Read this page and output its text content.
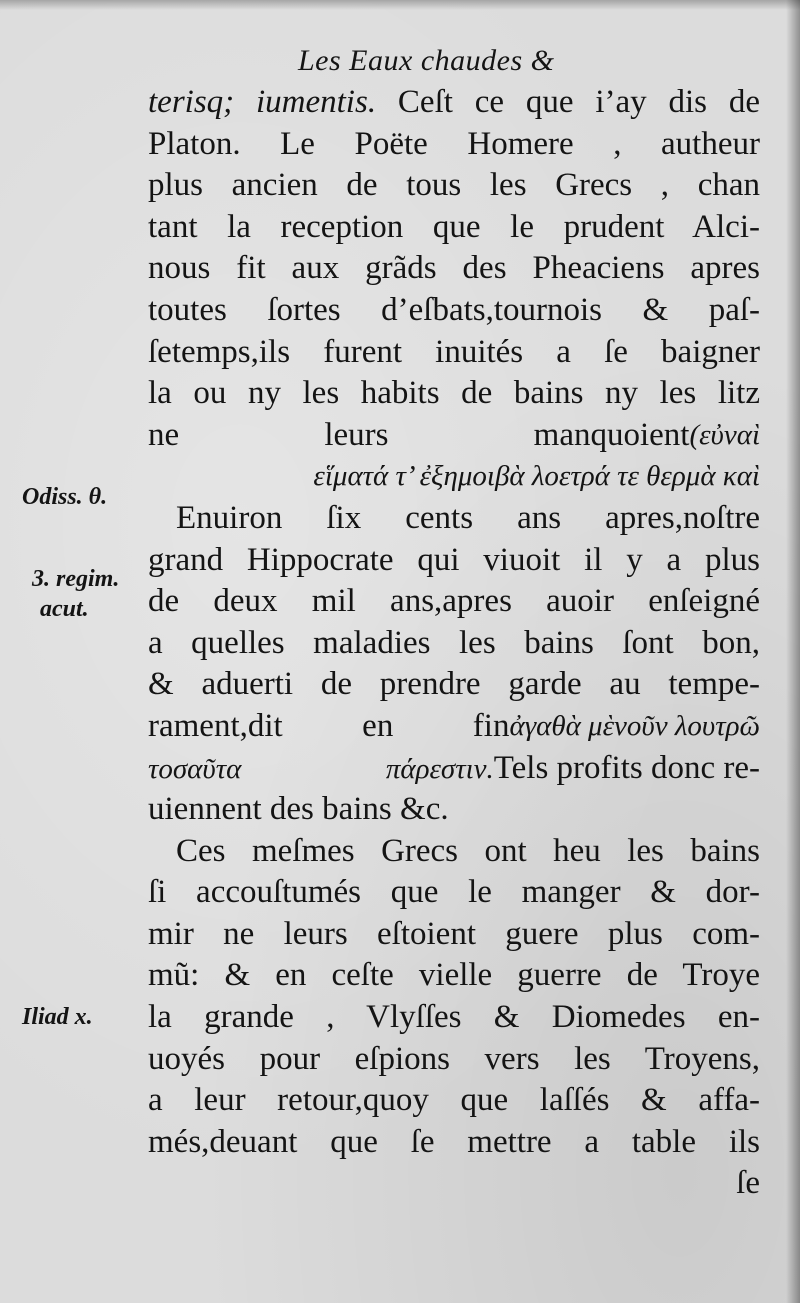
Les Eaux chaudes &
Odiss. θ.
3. regim.
acut.
Iliad x.
terisq; iumentis. Ceſt ce que i’ay dis de
Platon. Le Poëte Homere , autheur
plus ancien de tous les Grecs , chan
tant la reception que le prudent Alci-
nous fit aux grãds des Pheaciens apres
toutes ſortes d’eſbats,tournois & paſ-
ſetemps,ils furent inuités a ſe baigner
la ou ny les habits de bains ny les litz
ne leurs manquoient (εὐναὶ
εἵματά τ’ ἐξημοιβὰ λοετρά τε θερμὰ καὶ
Enuiron ſix cents ans apres,noſtre
grand Hippocrate qui viuoit il y a plus
de deux mil ans,apres auoir enſeigné
a quelles maladies les bains ſont bon,
& aduerti de prendre garde au tempe-
rament,dit en fin ἀγαθὰ μὲνοῦν λουτρῶ
τοσαῦτα πάρεστιν. Tels profits donc re-
uiennent des bains &c.
Ces meſmes Grecs ont heu les bains
ſi accouſtumés que le manger & dor-
mir ne leurs eſtoient guere plus com-
mũ: & en ceſte vielle guerre de Troye
la grande , Vlyſſes & Diomedes en-
uoyés pour eſpions vers les Troyens,
a leur retour,quoy que laſſés & affa-
més,deuant que ſe mettre a table ils
ſe
